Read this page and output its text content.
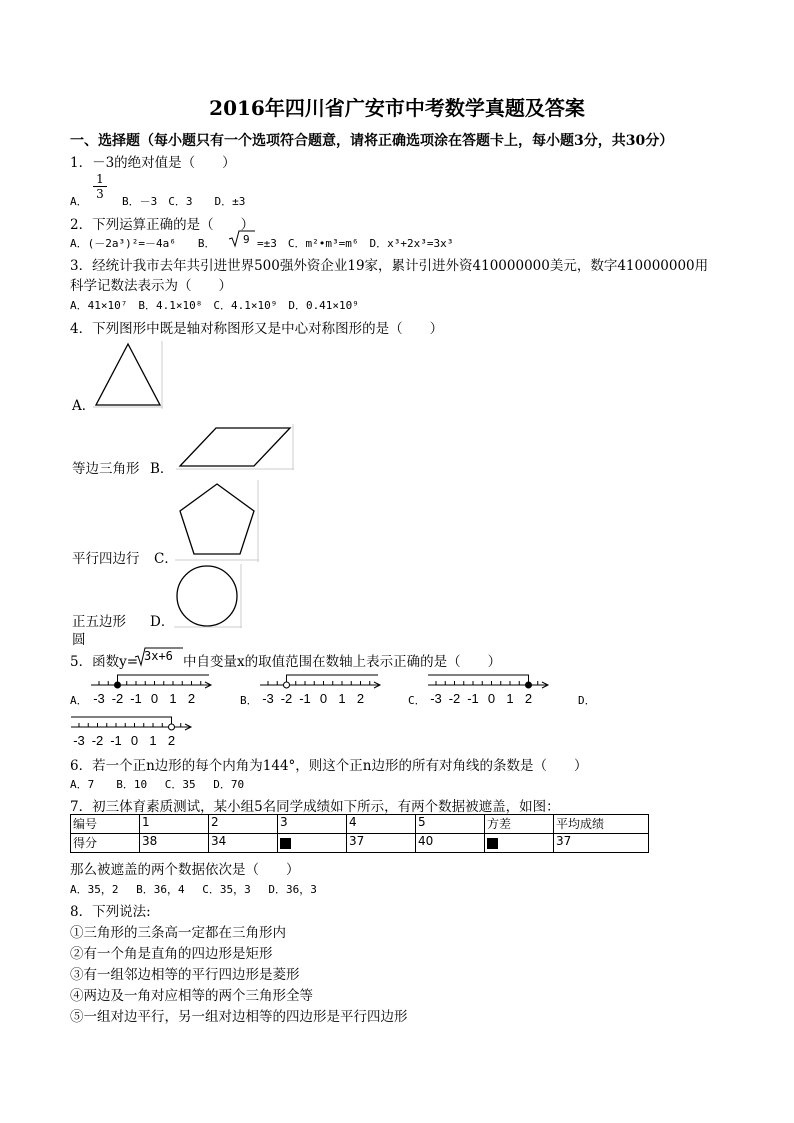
2016年四川省广安市中考数学真题及答案
一、选择题（每小题只有一个选项符合题意，请将正确选项涂在答题卡上，每小题3分，共30分）
1．－3的绝对值是（　　）
A．
$\frac{1}{3}$
B．－3　C．3　　D．±3
2．下列运算正确的是（　　）
A．(－2a³)²=－4a⁶　　B．	9 =±3　C．m²•m³=m⁶　D．x³+2x³=3x³
3．经统计我市去年共引进世界500强外资企业19家，累计引进外资410000000美元，数字410000000用
科学记数法表示为（　　）
A．41×10⁷　B．4.1×10⁸　C．4.1×10⁹　D．0.41×10⁹
4．下列图形中既是轴对称图形又是中心对称图形的是（　　）
A．
等边三角形 B．
平行四边行 C．
正五边形 D．
圆
5．函数y= 3x+6 中自变量x的取值范围在数轴上表示正确的是（　　）
A．	B．	C．	D．
-3 -2 -1 0 1 2	-3 -2 -1 0 1 2	-3 -2 -1 0 1 2
-3 -2 -1 0 1 2
6．若一个正n边形的每个内角为144°，则这个正n边形的所有对角线的条数是（　　）
A．7　　B．10　 C．35　 D．70
7．初三体育素质测试，某小组5名同学成绩如下所示，有两个数据被遮盖，如图：
编号	1	2	3	4	5	方差	平均成绩
得分	38	34		37	40		37
那么被遮盖的两个数据依次是（　　）
A．35，2　 B．36，4　 C．35，3　 D．36，3
8．下列说法:
①三角形的三条高一定都在三角形内
②有一个角是直角的四边形是矩形
③有一组邻边相等的平行四边形是菱形
④两边及一角对应相等的两个三角形全等
⑤一组对边平行，另一组对边相等的四边形是平行四边形
